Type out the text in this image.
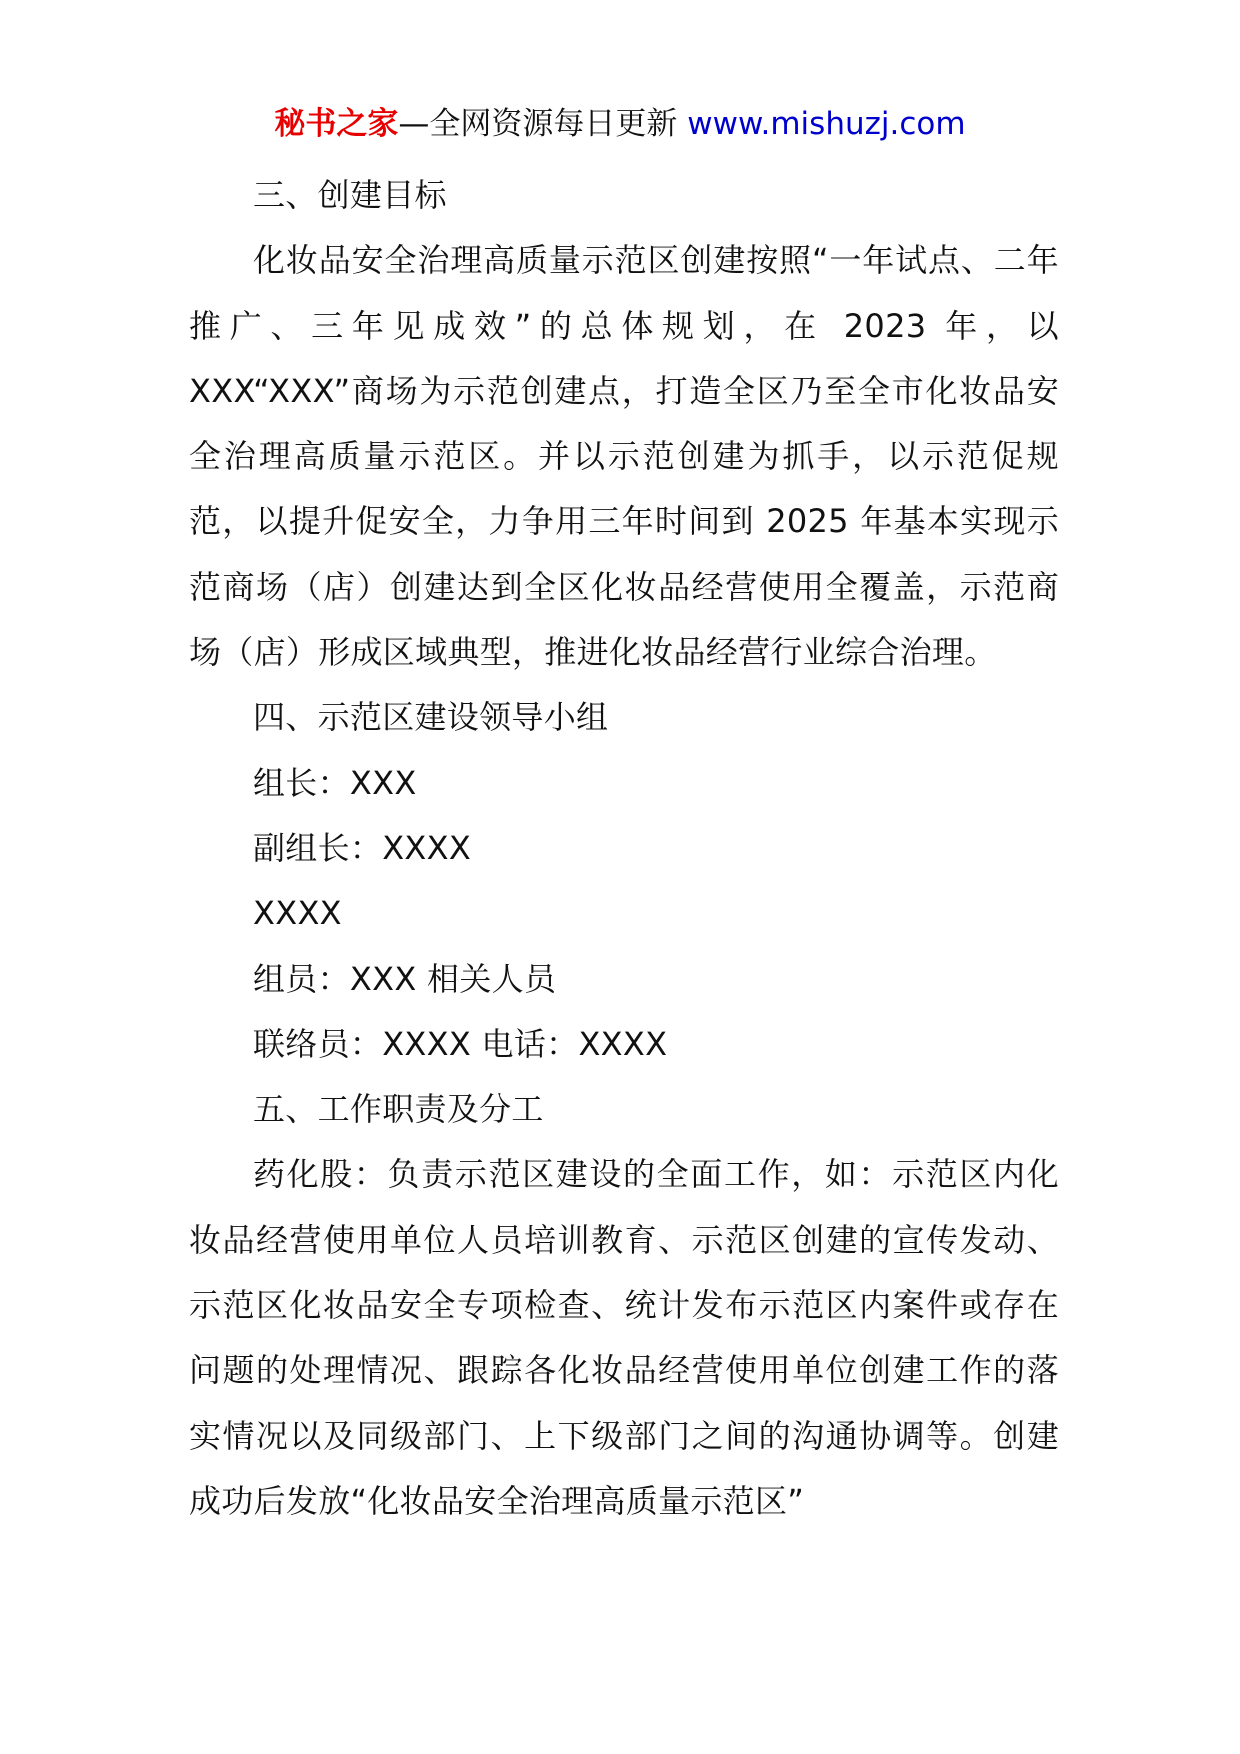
秘书之家—全网资源每日更新 www.mishuzj.com

三、创建目标

化妆品安全治理高质量示范区创建按照“一年试点、二年推广、三年见成效”的总体规划，在 2023 年，以XXX“XXX”商场为示范创建点，打造全区乃至全市化妆品安全治理高质量示范区。并以示范创建为抓手，以示范促规范，以提升促安全，力争用三年时间到 2025 年基本实现示范商场（店）创建达到全区化妆品经营使用全覆盖，示范商场（店）形成区域典型，推进化妆品经营行业综合治理。

四、示范区建设领导小组

组长：XXX

副组长：XXXX

XXXX

组员：XXX 相关人员

联络员：XXXX 电话：XXXX

五、工作职责及分工

药化股：负责示范区建设的全面工作，如：示范区内化妆品经营使用单位人员培训教育、示范区创建的宣传发动、示范区化妆品安全专项检查、统计发布示范区内案件或存在问题的处理情况、跟踪各化妆品经营使用单位创建工作的落实情况以及同级部门、上下级部门之间的沟通协调等。创建成功后发放“化妆品安全治理高质量示范区”
